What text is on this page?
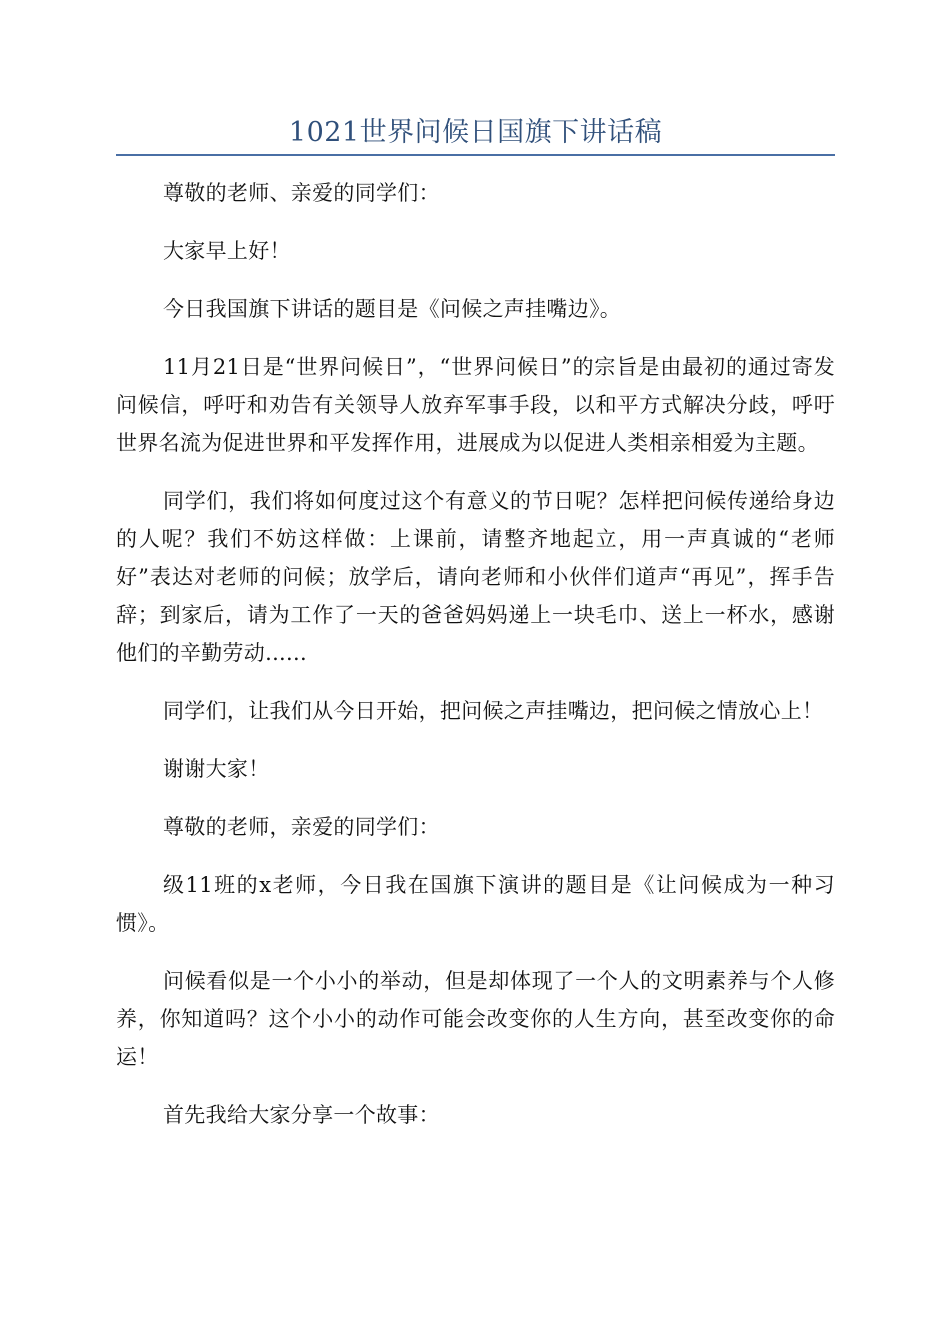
1021世界问候日国旗下讲话稿

尊敬的老师、亲爱的同学们：

大家早上好！

今日我国旗下讲话的题目是《问候之声挂嘴边》。

11月21日是“世界问候日”，“世界问候日”的宗旨是由最初的通过寄发问候信，呼吁和劝告有关领导人放弃军事手段，以和平方式解决分歧，呼吁世界名流为促进世界和平发挥作用，进展成为以促进人类相亲相爱为主题。

同学们，我们将如何度过这个有意义的节日呢？怎样把问候传递给身边的人呢？我们不妨这样做：上课前，请整齐地起立，用一声真诚的“老师好”表达对老师的问候；放学后，请向老师和小伙伴们道声“再见”，挥手告辞；到家后，请为工作了一天的爸爸妈妈递上一块毛巾、送上一杯水，感谢他们的辛勤劳动......

同学们，让我们从今日开始，把问候之声挂嘴边，把问候之情放心上！

谢谢大家！

尊敬的老师，亲爱的同学们：

级11班的x老师，今日我在国旗下演讲的题目是《让问候成为一种习惯》。

问候看似是一个小小的举动，但是却体现了一个人的文明素养与个人修养，你知道吗？这个小小的动作可能会改变你的人生方向，甚至改变你的命运！

首先我给大家分享一个故事：
